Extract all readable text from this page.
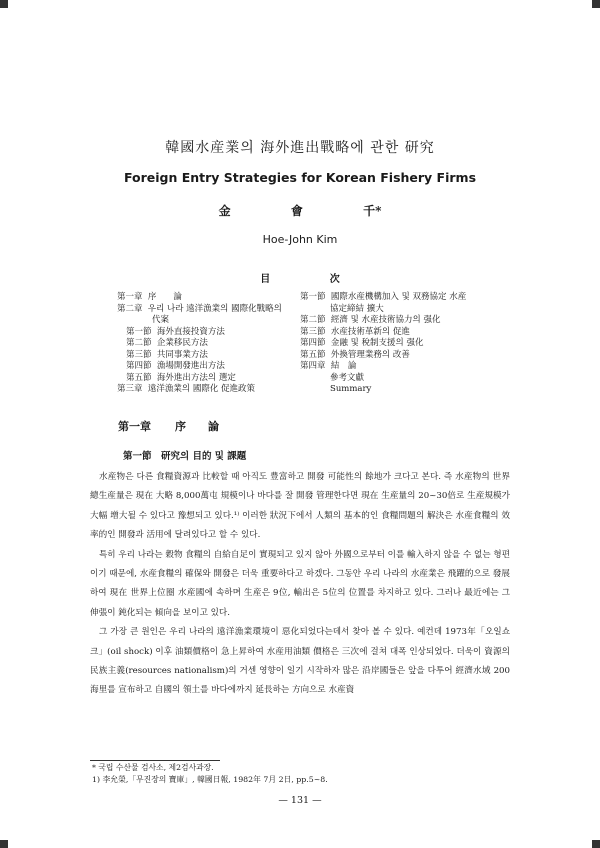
韓國水産業의 海外進出戰略에 관한 研究
Foreign Entry Strategies for Korean Fishery Firms
金	會	千*
Hoe-John Kim
目	次
第一章 序　　論
第二章 우리 나라 遠洋漁業의 國際化戰略의
代案
第一節 海外直接投資方法
第二節 企業移民方法
第三節 共同事業方法
第四節 漁場開發進出方法
第五節 海外進出方法의 選定
第三章 遠洋漁業의 國際化 促進政策
第一節 國際水産機構加入 및 双務協定 水産
協定締結 擴大
第二節 經濟 및 水産技術協力의 强化
第三節 水産技術革新의 促進
第四節 金融 및 稅制支援의 强化
第五節 外換管理業務의 改善
第四章 結　論
參考文獻
Summary
第一章 序　　論
第一節　研究의 目的 및 課題

水産物은 다른 食糧資源과 比較할 때 아직도 豊富하고 開發 可能性의 餘地가 크다고 본다. 즉 水産物의 世界 總生産量은 現在 大略 8,000萬屯 規模이나 바다를 잘 開發 管理한다면 現在 生産量의 20~30倍로 生産規模가 大幅 增大될 수 있다고 豫想되고 있다.¹⁾ 이러한 狀況下에서 人類의 基本的인 食糧問題의 解決은 水産食糧의 效率的인 開發과 活用에 달려있다고 할 수 있다.

특히 우리 나라는 穀物 食糧의 自給自足이 實現되고 있지 않아 外國으로부터 이를 輸入하지 않을 수 없는 형편이기 때문에, 水産食糧의 確保와 開發은 더욱 重要하다고 하겠다. 그동안 우리 나라의 水産業은 飛躍的으로 發展하여 現在 世界上位圈 水産國에 속하며 生産은 9位, 輸出은 5位의 位置를 차지하고 있다. 그러나 最近에는 그 伸張이 鈍化되는 傾向을 보이고 있다.

그 가장 큰 원인은 우리 나라의 遠洋漁業環境이 惡化되었다는데서 찾아 볼 수 있다. 예컨데 1973年「오일쇼크」(oil shock) 이후 油類價格이 急上昇하여 水産用油類 價格은 三次에 걸쳐 대폭 인상되었다. 더욱이 資源의 民族主義(resources nationalism)의 거센 영향이 일기 시작하자 많은 沿岸國들은 앞을 다투어 經濟水域 200海里를 宣布하고 自國의 領土를 바다에까지 延長하는 方向으로 水産資

* 국립 수산물 검사소, 제2검사과장.
1) 李允榮,「무진장의 寶庫」, 韓國日報, 1982年 7月 2日, pp.5~8.
— 131 —
